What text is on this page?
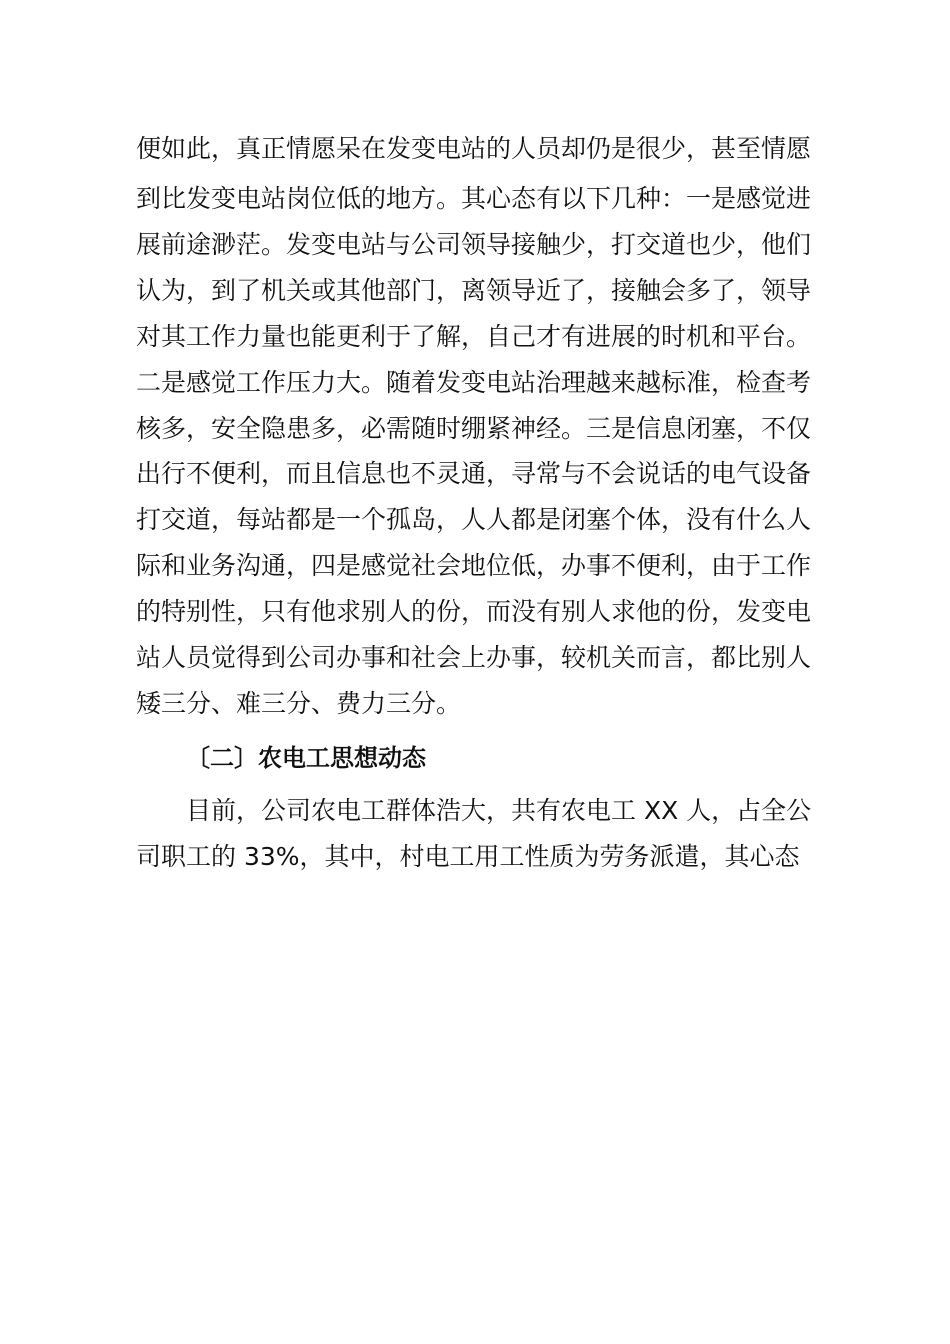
便如此，真正情愿呆在发变电站的人员却仍是很少，甚至情愿
到比发变电站岗位低的地方。其心态有以下几种：一是感觉进
展前途渺茫。发变电站与公司领导接触少，打交道也少，他们
认为，到了机关或其他部门，离领导近了，接触会多了，领导
对其工作力量也能更利于了解，自己才有进展的时机和平台。
二是感觉工作压力大。随着发变电站治理越来越标准，检查考
核多，安全隐患多，必需随时绷紧神经。三是信息闭塞，不仅
出行不便利，而且信息也不灵通，寻常与不会说话的电气设备
打交道，每站都是一个孤岛，人人都是闭塞个体，没有什么人
际和业务沟通，四是感觉社会地位低，办事不便利，由于工作
的特别性，只有他求别人的份，而没有别人求他的份，发变电
站人员觉得到公司办事和社会上办事，较机关而言，都比别人
矮三分、难三分、费力三分。
〔二〕农电工思想动态
目前，公司农电工群体浩大，共有农电工 XX 人，占全公
司职工的 33%，其中，村电工用工性质为劳务派遣，其心态
